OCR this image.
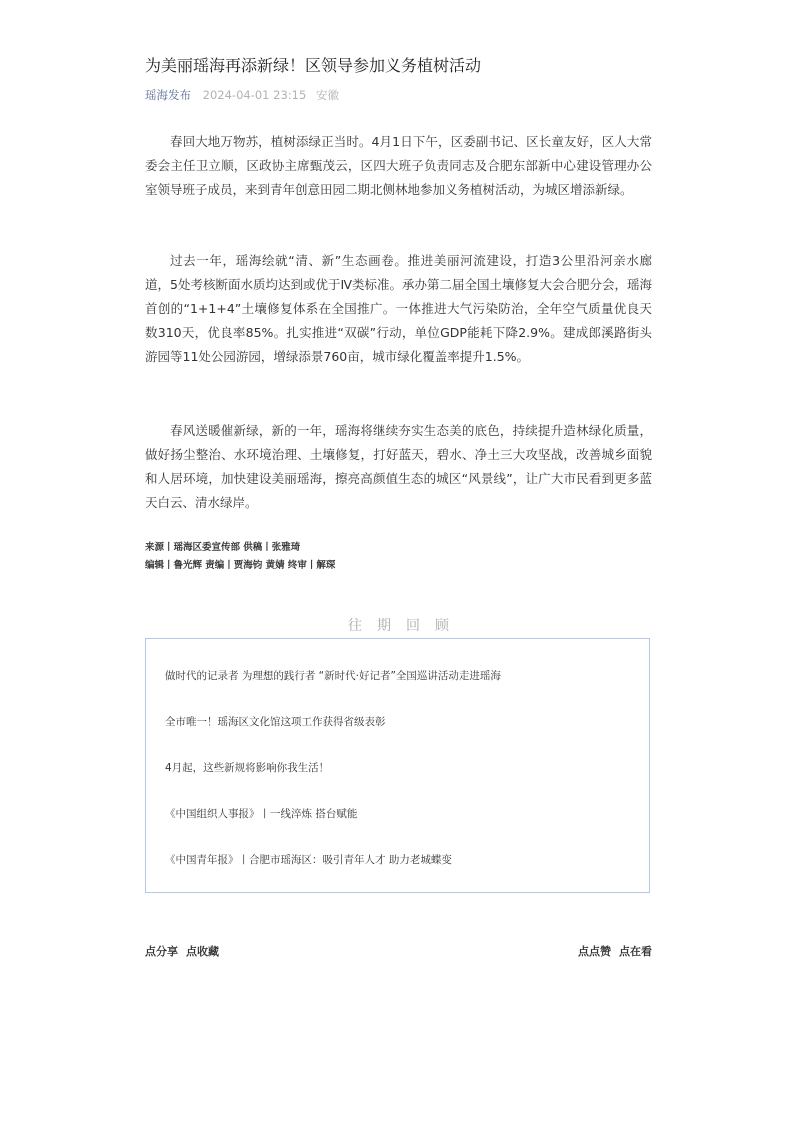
为美丽瑶海再添新绿！区领导参加义务植树活动
瑶海发布 2024-04-01 23:15 安徽

春回大地万物苏，植树添绿正当时。4月1日下午，区委副书记、区长童友好，区人大常委会主任卫立顺，区政协主席甄茂云，区四大班子负责同志及合肥东部新中心建设管理办公室领导班子成员，来到青年创意田园二期北侧林地参加义务植树活动，为城区增添新绿。

过去一年，瑶海绘就“清、新”生态画卷。推进美丽河流建设，打造3公里沿河亲水廊道，5处考核断面水质均达到或优于Ⅳ类标准。承办第二届全国土壤修复大会合肥分会，瑶海首创的“1+1+4”土壤修复体系在全国推广。一体推进大气污染防治，全年空气质量优良天数310天，优良率85%。扎实推进“双碳”行动，单位GDP能耗下降2.9%。建成郎溪路街头游园等11处公园游园，增绿添景760亩，城市绿化覆盖率提升1.5%。

春风送暖催新绿，新的一年，瑶海将继续夯实生态美的底色，持续提升造林绿化质量，做好扬尘整治、水环境治理、土壤修复，打好蓝天，碧水、净土三大攻坚战，改善城乡面貌和人居环境，加快建设美丽瑶海，擦亮高颜值生态的城区“风景线”，让广大市民看到更多蓝天白云、清水绿岸。

来源丨瑶海区委宣传部 供稿丨张雅琦
编辑丨鲁光辉 责编丨贾海钧 黄婧 终审丨解琛
往期回顾
做时代的记录者 为理想的践行者 “新时代·好记者”全国巡讲活动走进瑶海
全市唯一！瑶海区文化馆这项工作获得省级表彰
4月起，这些新规将影响你我生活！
《中国组织人事报》丨一线淬炼 搭台赋能
《中国青年报》丨合肥市瑶海区：吸引青年人才 助力老城蝶变
点分享 点收藏	点点赞 点在看
